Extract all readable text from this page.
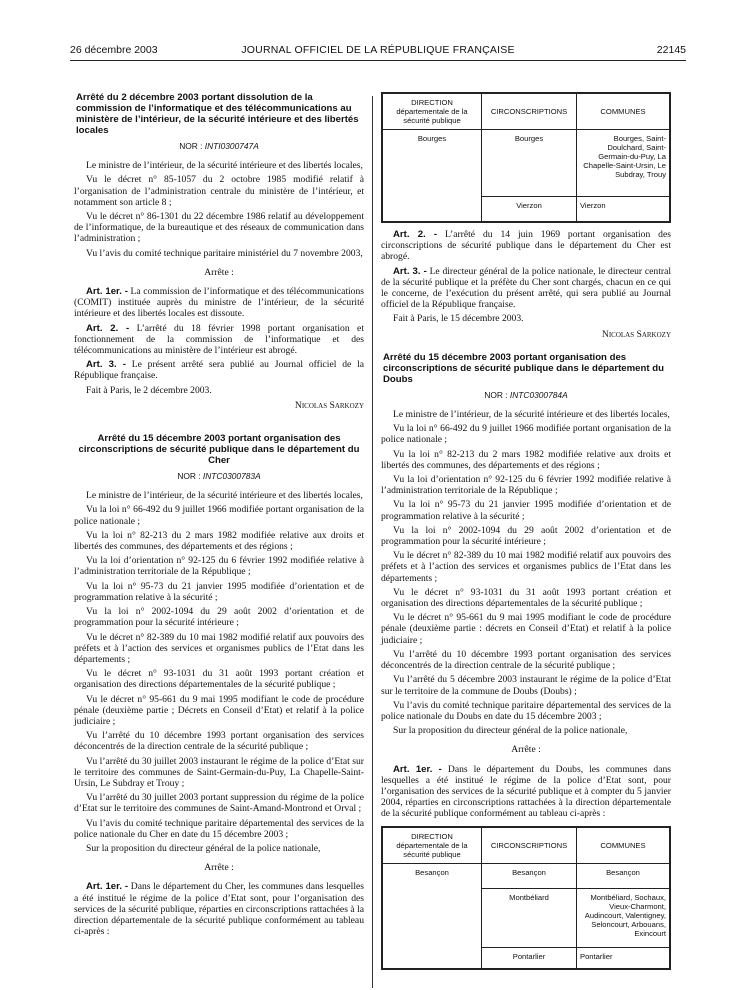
26 décembre 2003	JOURNAL OFFICIEL DE LA RÉPUBLIQUE FRANÇAISE	22145
Arrêté du 2 décembre 2003 portant dissolution de la commission de l’informatique et des télécommunications au ministère de l’intérieur, de la sécurité intérieure et des libertés locales
NOR : INTI0300747A

Le ministre de l’intérieur, de la sécurité intérieure et des libertés locales,

Vu le décret n° 85-1057 du 2 octobre 1985 modifié relatif à l’organisation de l’administration centrale du ministère de l’intérieur, et notamment son article 8 ;

Vu le décret n° 86-1301 du 22 décembre 1986 relatif au développement de l’informatique, de la bureautique et des réseaux de communication dans l’administration ;

Vu l’avis du comité technique paritaire ministériel du 7 novembre 2003,

Arrête :

Art. 1er. - La commission de l’informatique et des télécommunications (COMIT) instituée auprès du ministre de l’intérieur, de la sécurité intérieure et des libertés locales est dissoute.

Art. 2. - L’arrêté du 18 février 1998 portant organisation et fonctionnement de la commission de l’informatique et des télécommunications au ministère de l’intérieur est abrogé.

Art. 3. - Le présent arrêté sera publié au Journal officiel de la République française.

Fait à Paris, le 2 décembre 2003.

Nicolas Sarkozy

Arrêté du 15 décembre 2003 portant organisation des circonscriptions de sécurité publique dans le département du Cher
NOR : INTC0300783A

Le ministre de l’intérieur, de la sécurité intérieure et des libertés locales,

Vu la loi n° 66-492 du 9 juillet 1966 modifiée portant organisation de la police nationale ;

Vu la loi n° 82-213 du 2 mars 1982 modifiée relative aux droits et libertés des communes, des départements et des régions ;

Vu la loi d’orientation n° 92-125 du 6 février 1992 modifiée relative à l’administration territoriale de la République ;

Vu la loi n° 95-73 du 21 janvier 1995 modifiée d’orientation et de programmation relative à la sécurité ;

Vu la loi n° 2002-1094 du 29 août 2002 d’orientation et de programmation pour la sécurité intérieure ;

Vu le décret n° 82-389 du 10 mai 1982 modifié relatif aux pouvoirs des préfets et à l’action des services et organismes publics de l’Etat dans les départements ;

Vu le décret n° 93-1031 du 31 août 1993 portant création et organisation des directions départementales de la sécurité publique ;

Vu le décret n° 95-661 du 9 mai 1995 modifiant le code de procédure pénale (deuxième partie ; Décrets en Conseil d’Etat) et relatif à la police judiciaire ;

Vu l’arrêté du 10 décembre 1993 portant organisation des services déconcentrés de la direction centrale de la sécurité publique ;

Vu l’arrêté du 30 juillet 2003 instaurant le régime de la police d’Etat sur le territoire des communes de Saint-Germain-du-Puy, La Chapelle-Saint-Ursin, Le Subdray et Trouy ;

Vu l’arrêté du 30 juillet 2003 portant suppression du régime de la police d’Etat sur le territoire des communes de Saint-Amand-Montrond et Orval ;

Vu l’avis du comité technique paritaire départemental des services de la police nationale du Cher en date du 15 décembre 2003 ;

Sur la proposition du directeur général de la police nationale,

Arrête :

Art. 1er. - Dans le département du Cher, les communes dans lesquelles a été institué le régime de la police d’Etat sont, pour l’organisation des services de la sécurité publique, réparties en circonscriptions rattachées à la direction départementale de la sécurité publique conformément au tableau ci-après :

DIRECTION départementale de la sécurité publique	CIRCONSCRIPTIONS	COMMUNES
Bourges	Bourges	Bourges, Saint-Doulchard, Saint-Germain-du-Puy, La Chapelle-Saint-Ursin, Le Subdray, Trouy
	Vierzon	Vierzon

Art. 2. - L’arrêté du 14 juin 1969 portant organisation des circonscriptions de sécurité publique dans le département du Cher est abrogé.

Art. 3. - Le directeur général de la police nationale, le directeur central de la sécurité publique et la préfète du Cher sont chargés, chacun en ce qui le concerne, de l’exécution du présent arrêté, qui sera publié au Journal officiel de la République française.

Fait à Paris, le 15 décembre 2003.

Nicolas Sarkozy

Arrêté du 15 décembre 2003 portant organisation des circonscriptions de sécurité publique dans le département du Doubs
NOR : INTC0300784A

Le ministre de l’intérieur, de la sécurité intérieure et des libertés locales,

Vu la loi n° 66-492 du 9 juillet 1966 modifiée portant organisation de la police nationale ;

Vu la loi n° 82-213 du 2 mars 1982 modifiée relative aux droits et libertés des communes, des départements et des régions ;

Vu la loi d’orientation n° 92-125 du 6 février 1992 modifiée relative à l’administration territoriale de la République ;

Vu la loi n° 95-73 du 21 janvier 1995 modifiée d’orientation et de programmation relative à la sécurité ;

Vu la loi n° 2002-1094 du 29 août 2002 d’orientation et de programmation pour la sécurité intérieure ;

Vu le décret n° 82-389 du 10 mai 1982 modifié relatif aux pouvoirs des préfets et à l’action des services et organismes publics de l’Etat dans les départements ;

Vu le décret n° 93-1031 du 31 août 1993 portant création et organisation des directions départementales de la sécurité publique ;

Vu le décret n° 95-661 du 9 mai 1995 modifiant le code de procédure pénale (deuxième partie : décrets en Conseil d’Etat) et relatif à la police judiciaire ;

Vu l’arrêté du 10 décembre 1993 portant organisation des services déconcentrés de la direction centrale de la sécurité publique ;

Vu l’arrêté du 5 décembre 2003 instaurant le régime de la police d’Etat sur le territoire de la commune de Doubs (Doubs) ;

Vu l’avis du comité technique paritaire départemental des services de la police nationale du Doubs en date du 15 décembre 2003 ;

Sur la proposition du directeur général de la police nationale,

Arrête :

Art. 1er. - Dans le département du Doubs, les communes dans lesquelles a été institué le régime de la police d’Etat sont, pour l’organisation des services de la sécurité publique et à compter du 5 janvier 2004, réparties en circonscriptions rattachées à la direction départementale de la sécurité publique conformément au tableau ci-après :

DIRECTION départementale de la sécurité publique	CIRCONSCRIPTIONS	COMMUNES
Besançon	Besançon	Besançon
	Montbéliard	Montbéliard, Sochaux, Vieux-Charmont, Audincourt, Valentigney, Seloncourt, Arbouans, Exincourt
	Pontarlier	Pontarlier
